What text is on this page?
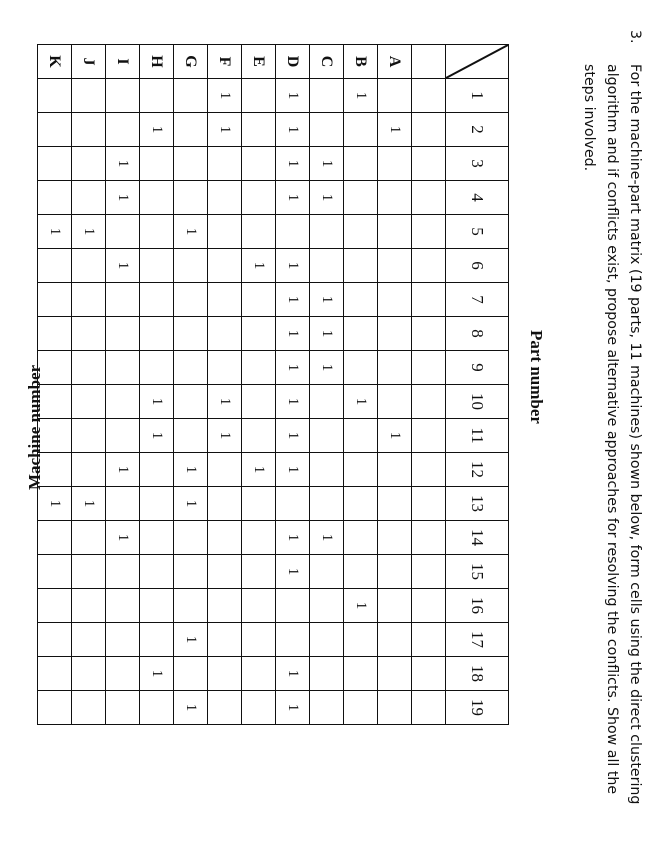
3.
For the machine-part matrix (19 parts, 11 machines) shown below, form cells using the direct clustering algorithm and if conflicts exist, propose alternative approaches for resolving the conflicts. Show all the steps involved.
Part number
	1	2	3	4	5	6	7	8	9	10	11	12	13	14	15	16	17	18	19

A		1									1								
B	1									1						1			
C			1	1			1	1	1					1					
D	1	1	1	1		1	1	1	1	1	1	1		1	1			1	1
E						1						1							
F	1	1								1	1								
G					1							1	1				1		1
H		1								1	1							1	
I			1	1		1						1		1					
J					1								1						
K					1								1						
Machine number
